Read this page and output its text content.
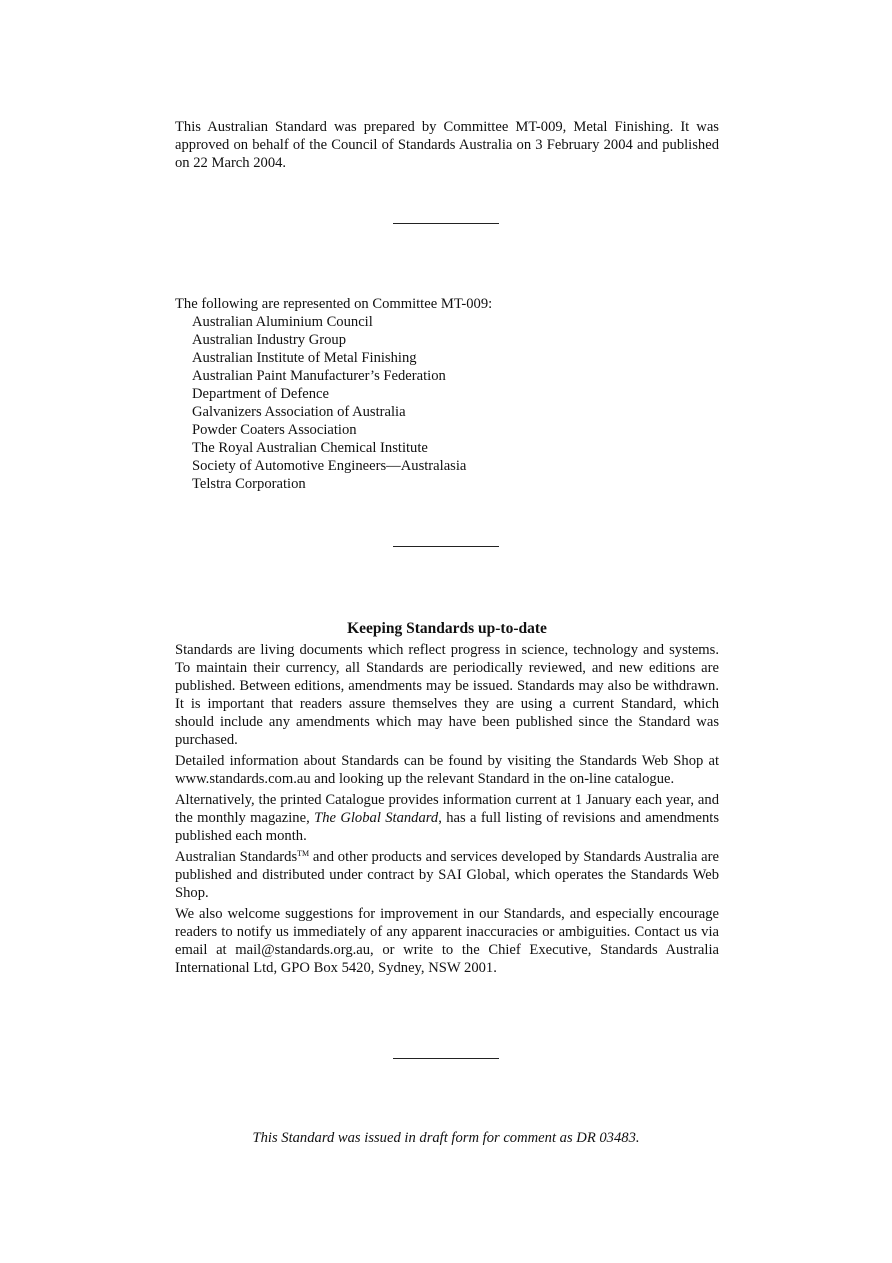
This Australian Standard was prepared by Committee MT-009, Metal Finishing. It was approved on behalf of the Council of Standards Australia on 3 February 2004 and published on 22 March 2004.
The following are represented on Committee MT-009:
Australian Aluminium Council
Australian Industry Group
Australian Institute of Metal Finishing
Australian Paint Manufacturer’s Federation
Department of Defence
Galvanizers Association of Australia
Powder Coaters Association
The Royal Australian Chemical Institute
Society of Automotive Engineers—Australasia
Telstra Corporation
Keeping Standards up-to-date

Standards are living documents which reflect progress in science, technology and systems. To maintain their currency, all Standards are periodically reviewed, and new editions are published. Between editions, amendments may be issued. Standards may also be withdrawn. It is important that readers assure themselves they are using a current Standard, which should include any amendments which may have been published since the Standard was purchased.

Detailed information about Standards can be found by visiting the Standards Web Shop at www.standards.com.au and looking up the relevant Standard in the on-line catalogue.

Alternatively, the printed Catalogue provides information current at 1 January each year, and the monthly magazine, The Global Standard, has a full listing of revisions and amendments published each month.

Australian Standards™ and other products and services developed by Standards Australia are published and distributed under contract by SAI Global, which operates the Standards Web Shop.

We also welcome suggestions for improvement in our Standards, and especially encourage readers to notify us immediately of any apparent inaccuracies or ambiguities. Contact us via email at mail@standards.org.au, or write to the Chief Executive, Standards Australia International Ltd, GPO Box 5420, Sydney, NSW 2001.

This Standard was issued in draft form for comment as DR 03483.
